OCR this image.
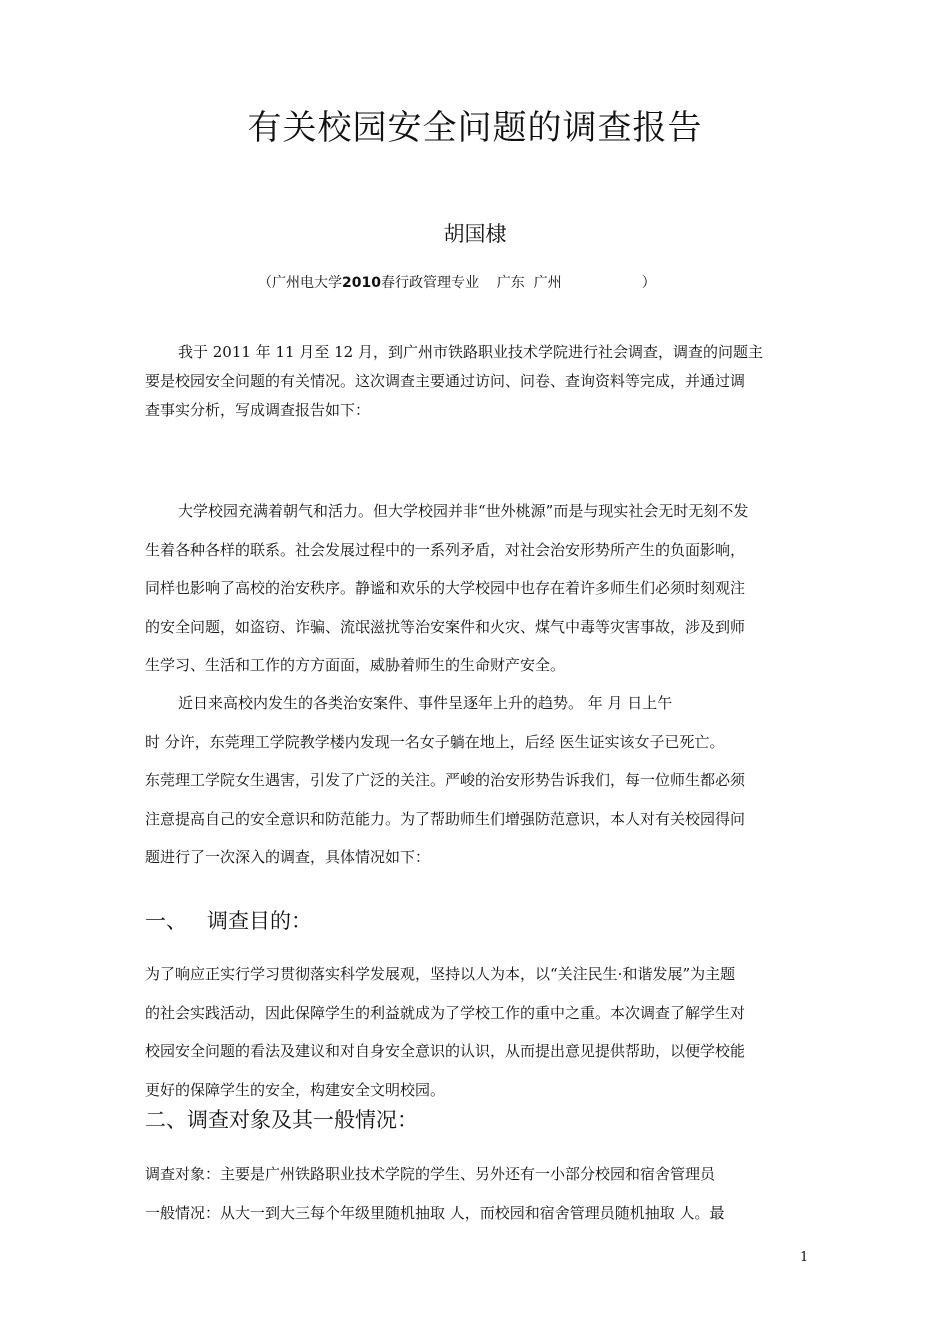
有关校园安全问题的调查报告
胡国棣
（广州电大学2010春行政管理专业    广东  广州                  ）
我于 2011 年 11 月至 12 月，到广州市铁路职业技术学院进行社会调查，调查的问题主
要是校园安全问题的有关情况。这次调查主要通过访问、问卷、查询资料等完成，并通过调
查事实分析，写成调查报告如下：
大学校园充满着朝气和活力。但大学校园并非“世外桃源”而是与现实社会无时无刻不发
生着各种各样的联系。社会发展过程中的一系列矛盾，对社会治安形势所产生的负面影响，
同样也影响了高校的治安秩序。静谧和欢乐的大学校园中也存在着许多师生们必须时刻观注
的安全问题，如盗窃、诈骗、流氓滋扰等治安案件和火灾、煤气中毒等灾害事故，涉及到师
生学习、生活和工作的方方面面，威胁着师生的生命财产安全。
近日来高校内发生的各类治安案件、事件呈逐年上升的趋势。 年 月 日上午
时 分许，东莞理工学院教学楼内发现一名女子躺在地上，后经 医生证实该女子已死亡。
东莞理工学院女生遇害，引发了广泛的关注。严峻的治安形势告诉我们，每一位师生都必须
注意提高自己的安全意识和防范能力。为了帮助师生们增强防范意识，本人对有关校园得问
题进行了一次深入的调查，具体情况如下：
一、   调查目的：
为了响应正实行学习贯彻落实科学发展观，坚持以人为本，以“关注民生·和谐发展”为主题
的社会实践活动，因此保障学生的利益就成为了学校工作的重中之重。本次调查了解学生对
校园安全问题的看法及建议和对自身安全意识的认识，从而提出意见提供帮助，以便学校能
更好的保障学生的安全，构建安全文明校园。
二、调查对象及其一般情况：
调查对象：主要是广州铁路职业技术学院的学生、另外还有一小部分校园和宿舍管理员
一般情况：从大一到大三每个年级里随机抽取 人，而校园和宿舍管理员随机抽取 人。最
1
